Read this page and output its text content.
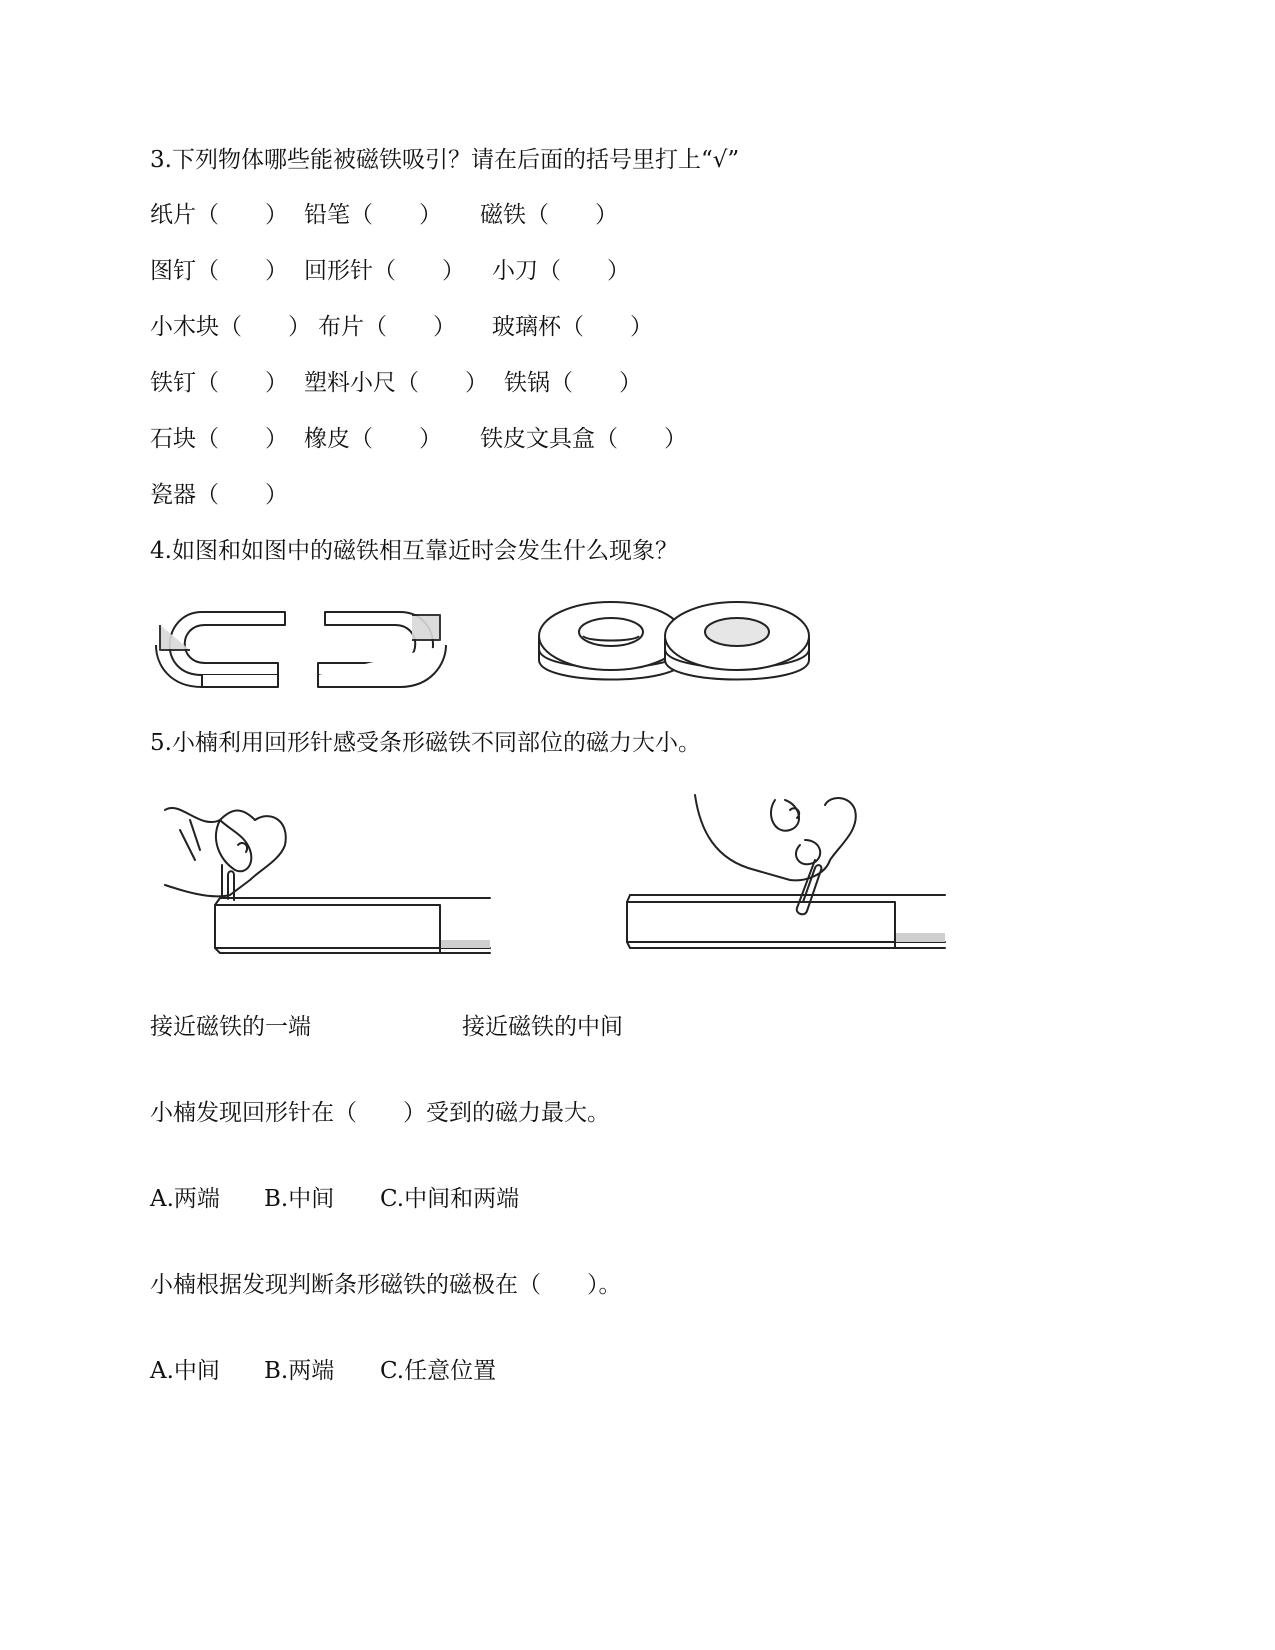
3.下列物体哪些能被磁铁吸引？请在后面的括号里打上“√”
纸片（　　） 铅笔（　　） 磁铁（　　）
图钉（　　） 回形针（　　） 小刀（　　）
小木块（　　） 布片（　　） 玻璃杯（　　）
铁钉（　　） 塑料小尺（　　） 铁锅（　　）
石块（　　） 橡皮（　　） 铁皮文具盒（　　）
瓷器（　　）
4.如图和如图中的磁铁相互靠近时会发生什么现象？
5.小楠利用回形针感受条形磁铁不同部位的磁力大小。
接近磁铁的一端	接近磁铁的中间
小楠发现回形针在（　　）受到的磁力最大。
A.两端 B.中间 C.中间和两端
小楠根据发现判断条形磁铁的磁极在（　　）。
A.中间 B.两端 C.任意位置
